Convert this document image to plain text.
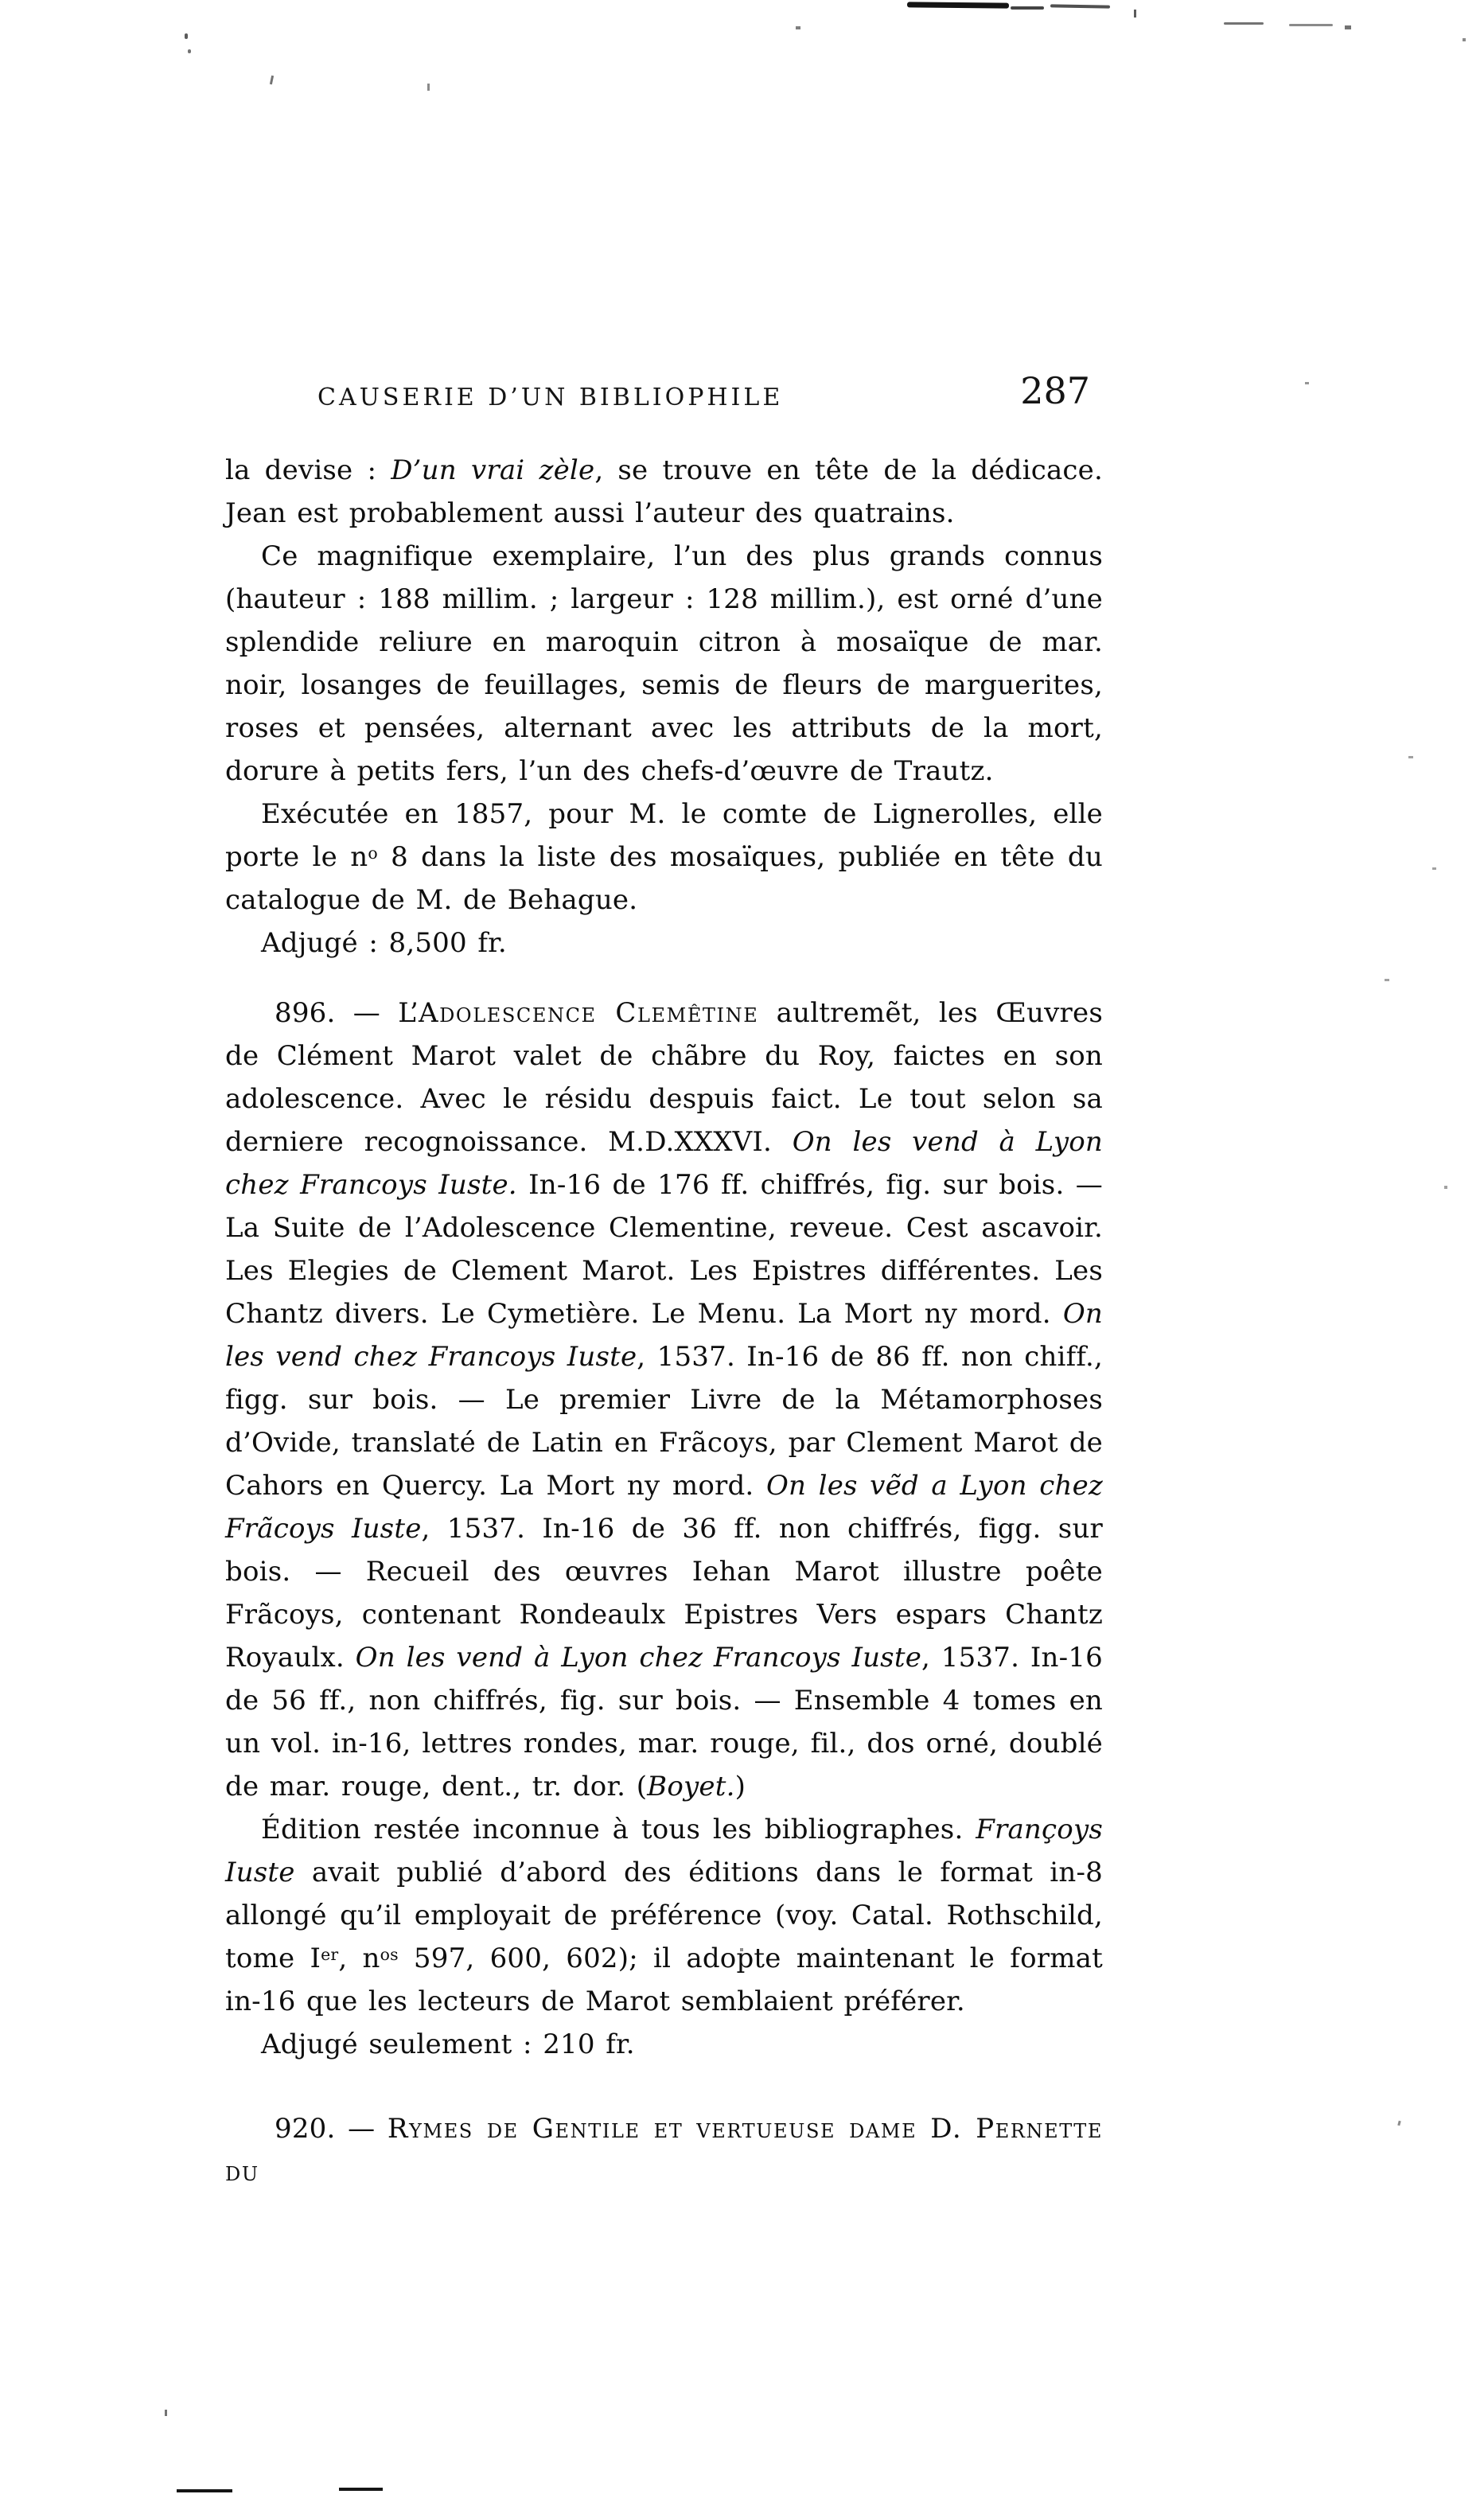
CAUSERIE D’UN BIBLIOPHILE	287

la devise : D’un vrai zèle, se trouve en tête de la dédicace. Jean est probablement aussi l’auteur des quatrains.

Ce magnifique exemplaire, l’un des plus grands connus (hauteur : 188 millim. ; largeur : 128 millim.), est orné d’une splendide reliure en maroquin citron à mosaïque de mar. noir, losanges de feuillages, semis de fleurs de marguerites, roses et pensées, alternant avec les attributs de la mort, dorure à petits fers, l’un des chefs-d’œuvre de Trautz.

Exécutée en 1857, pour M. le comte de Lignerolles, elle porte le $n^o$ 8 dans la liste des mosaïques, publiée en tête du catalogue de M. de Behague.

Adjugé : 8,500 fr.

896. — L’Adolescence Clemêtine aultremẽt, les Œuvres de Clément Marot valet de chãbre du Roy, faictes en son adolescence. Avec le résidu despuis faict. Le tout selon sa derniere recognoissance. M.D.XXXVI. On les vend à Lyon chez Francoys Iuste. In-16 de 176 ff. chiffrés, fig. sur bois. — La Suite de l’Adolescence Clementine, reveue. Cest ascavoir. Les Elegies de Clement Marot. Les Epistres différentes. Les Chantz divers. Le Cymetière. Le Menu. La Mort ny mord. On les vend chez Francoys Iuste, 1537. In-16 de 86 ff. non chiff., figg. sur bois. — Le premier Livre de la Métamorphoses d’Ovide, translaté de Latin en Frãcoys, par Clement Marot de Cahors en Quercy. La Mort ny mord. On les vẽd a Lyon chez Frãcoys Iuste, 1537. In-16 de 36 ff. non chiffrés, figg. sur bois. — Recueil des œuvres Iehan Marot illustre poête Frãcoys, contenant Rondeaulx Epistres Vers espars Chantz Royaulx. On les vend à Lyon chez Francoys Iuste, 1537. In-16 de 56 ff., non chiffrés, fig. sur bois. — Ensemble 4 tomes en un vol. in-16, lettres rondes, mar. rouge, fil., dos orné, doublé de mar. rouge, dent., tr. dor. (Boyet.)

Édition restée inconnue à tous les bibliographes. Françoys Iuste avait publié d’abord des éditions dans le format in-8 allongé qu’il employait de préférence (voy. Catal. Rothschild, tome Ier, $n^{os}$ 597, 600, 602); il adopte maintenant le format in-16 que les lecteurs de Marot semblaient préférer.

Adjugé seulement : 210 fr.

920. — Rymes de Gentile et vertueuse dame D. Pernette du
